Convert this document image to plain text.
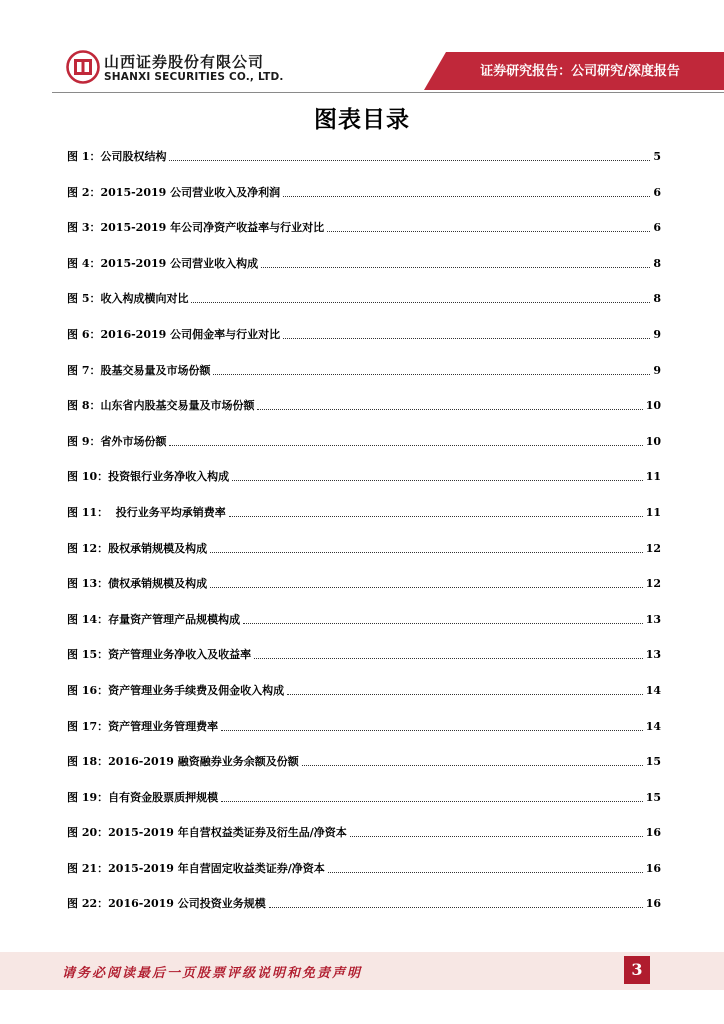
山西证券股份有限公司
SHANXI SECURITIES CO., LTD.	证券研究报告：公司研究/深度报告
图表目录
图 1： 公司股权结构	5
图 2： 2015-2019 公司营业收入及净利润	6
图 3： 2015-2019 年公司净资产收益率与行业对比	6
图 4： 2015-2019 公司营业收入构成	8
图 5： 收入构成横向对比	8
图 6： 2016-2019 公司佣金率与行业对比	9
图 7： 股基交易量及市场份额	9
图 8： 山东省内股基交易量及市场份额	10
图 9： 省外市场份额	10
图 10： 投资银行业务净收入构成	11
图 11： 投行业务平均承销费率	11
图 12： 股权承销规模及构成	12
图 13： 债权承销规模及构成	12
图 14： 存量资产管理产品规模构成	13
图 15： 资产管理业务净收入及收益率	13
图 16： 资产管理业务手续费及佣金收入构成	14
图 17： 资产管理业务管理费率	14
图 18： 2016-2019 融资融券业务余额及份额	15
图 19： 自有资金股票质押规模	15
图 20： 2015-2019 年自营权益类证券及衍生品/净资本	16
图 21： 2015-2019 年自营固定收益类证券/净资本	16
图 22： 2016-2019 公司投资业务规模	16
请务必阅读最后一页股票评级说明和免责声明	3
